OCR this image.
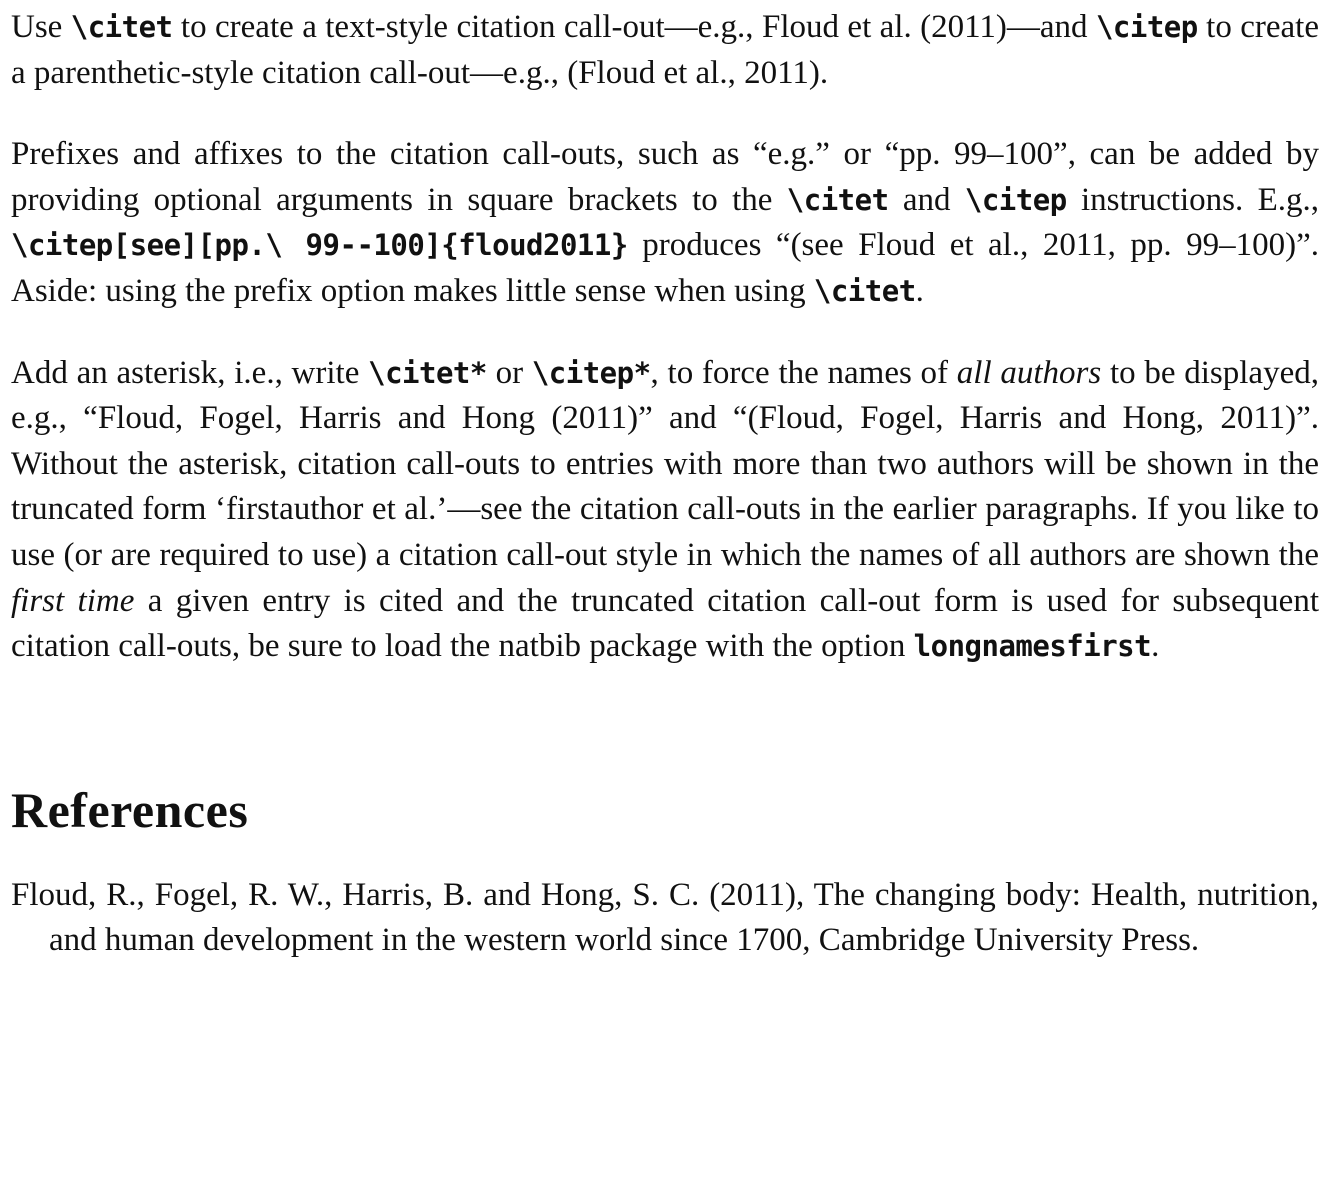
Use \citet to create a text-style citation call-out—e.g., Floud et al. (2011)—and \citep to create a parenthetic-style citation call-out—e.g., (Floud et al., 2011).

Prefixes and affixes to the citation call-outs, such as “e.g.” or “pp. 99–100”, can be added by providing optional arguments in square brackets to the \citet and \citep instructions. E.g., \citep[see][pp.\ 99--100]{floud2011} produces “(see Floud et al., 2011, pp. 99–100)”. Aside: using the prefix option makes little sense when using \citet.

Add an asterisk, i.e., write \citet* or \citep*, to force the names of all authors to be displayed, e.g., “Floud, Fogel, Harris and Hong (2011)” and “(Floud, Fogel, Harris and Hong, 2011)”. Without the asterisk, citation call-outs to entries with more than two authors will be shown in the truncated form ‘firstauthor et al.’—see the citation call-outs in the earlier paragraphs. If you like to use (or are required to use) a citation call-out style in which the names of all authors are shown the first time a given entry is cited and the truncated citation call-out form is used for subsequent citation call-outs, be sure to load the natbib package with the option longnamesfirst.

References

Floud, R., Fogel, R. W., Harris, B. and Hong, S. C. (2011), The changing body: Health, nutrition, and human development in the western world since 1700, Cambridge University Press.
